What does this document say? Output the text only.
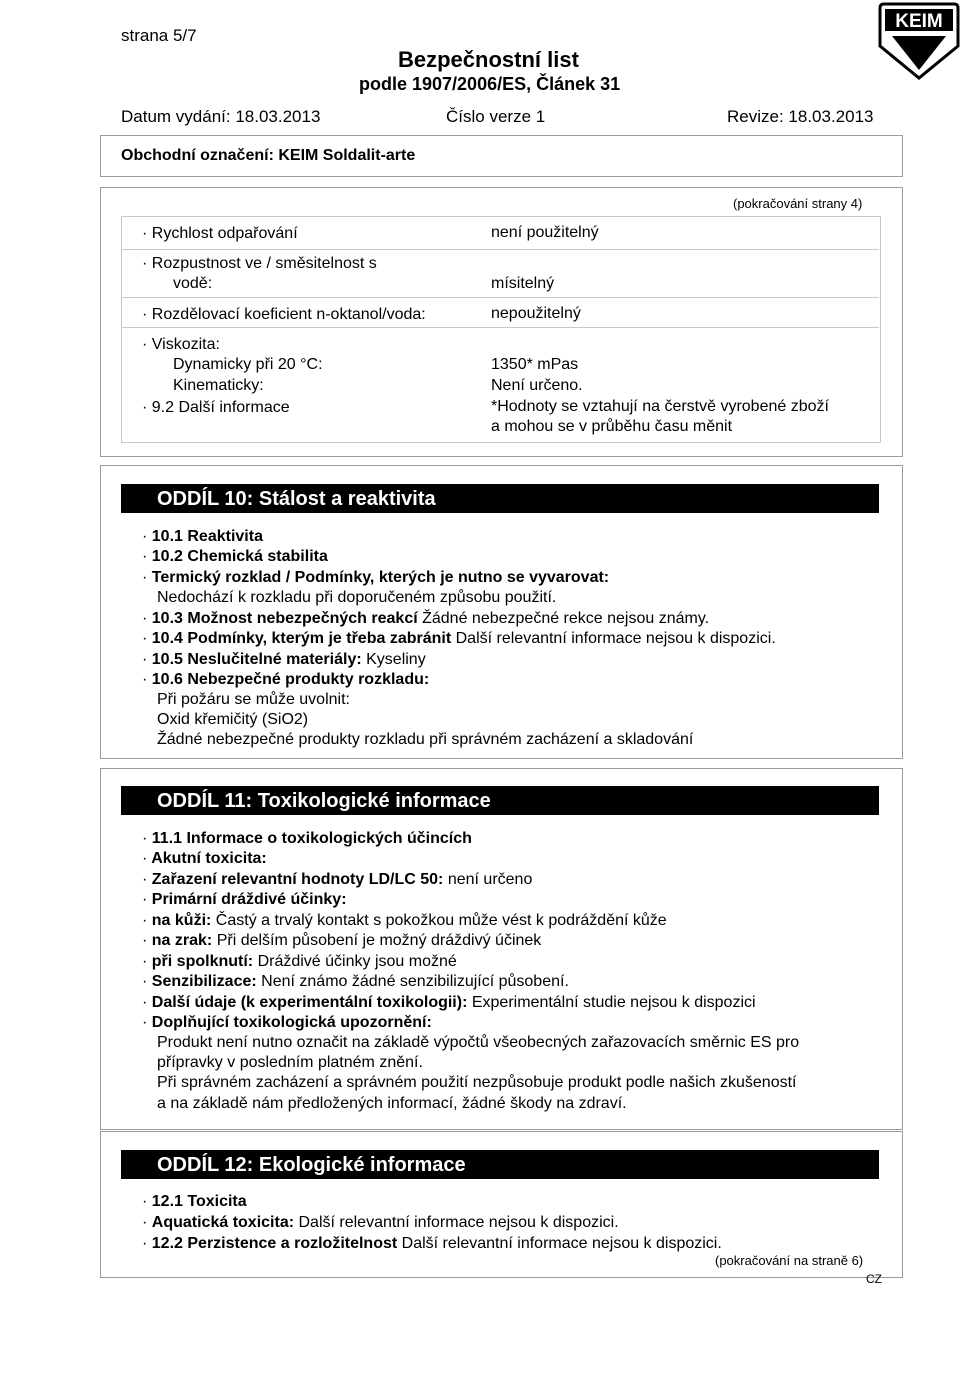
strana 5/7
Bezpečnostní list
podle 1907/2006/ES, Článek 31
Datum vydání: 18.03.2013	Číslo verze 1	Revize: 18.03.2013
KEIM
Obchodní označení: KEIM Soldalit-arte
(pokračování strany 4)
· Rychlost odpařování	není použitelný
· Rozpustnost ve / směsitelnost s
vodě:	mísitelný
· Rozdělovací koeficient n-oktanol/voda:	nepoužitelný
· Viskozita:
Dynamicky při 20 °C:	1350* mPas
Kinematicky:	Není určeno.
· 9.2 Další informace	*Hodnoty se vztahují na čerstvě vyrobené zboží
a mohou se v průběhu času měnit
ODDÍL 10: Stálost a reaktivita
· 10.1 Reaktivita
· 10.2 Chemická stabilita
· Termický rozklad / Podmínky, kterých je nutno se vyvarovat:
Nedochází k rozkladu při doporučeném způsobu použití.
· 10.3 Možnost nebezpečných reakcí Žádné nebezpečné rekce nejsou známy.
· 10.4 Podmínky, kterým je třeba zabránit Další relevantní informace nejsou k dispozici.
· 10.5 Neslučitelné materiály: Kyseliny
· 10.6 Nebezpečné produkty rozkladu:
Při požáru se může uvolnit:
Oxid křemičitý (SiO2)
Žádné nebezpečné produkty rozkladu při správném zacházení a skladování
ODDÍL 11: Toxikologické informace
· 11.1 Informace o toxikologických účincích
· Akutní toxicita:
· Zařazení relevantní hodnoty LD/LC 50: není určeno
· Primární dráždivé účinky:
· na kůži: Častý a trvalý kontakt s pokožkou může vést k podráždění kůže
· na zrak: Při delším působení je možný dráždivý účinek
· při spolknutí: Dráždivé účinky jsou možné
· Senzibilizace: Není známo žádné senzibilizující působení.
· Další údaje (k experimentální toxikologii): Experimentální studie nejsou k dispozici
· Doplňující toxikologická upozornění:
Produkt není nutno označit na základě výpočtů všeobecných zařazovacích směrnic ES pro
přípravky v posledním platném znění.
Při správném zacházení a správném použití nezpůsobuje produkt podle našich zkušeností
a na základě nám předložených informací, žádné škody na zdraví.
ODDÍL 12: Ekologické informace
· 12.1 Toxicita
· Aquatická toxicita: Další relevantní informace nejsou k dispozici.
· 12.2 Perzistence a rozložitelnost Další relevantní informace nejsou k dispozici.
(pokračování na straně 6)
CZ
